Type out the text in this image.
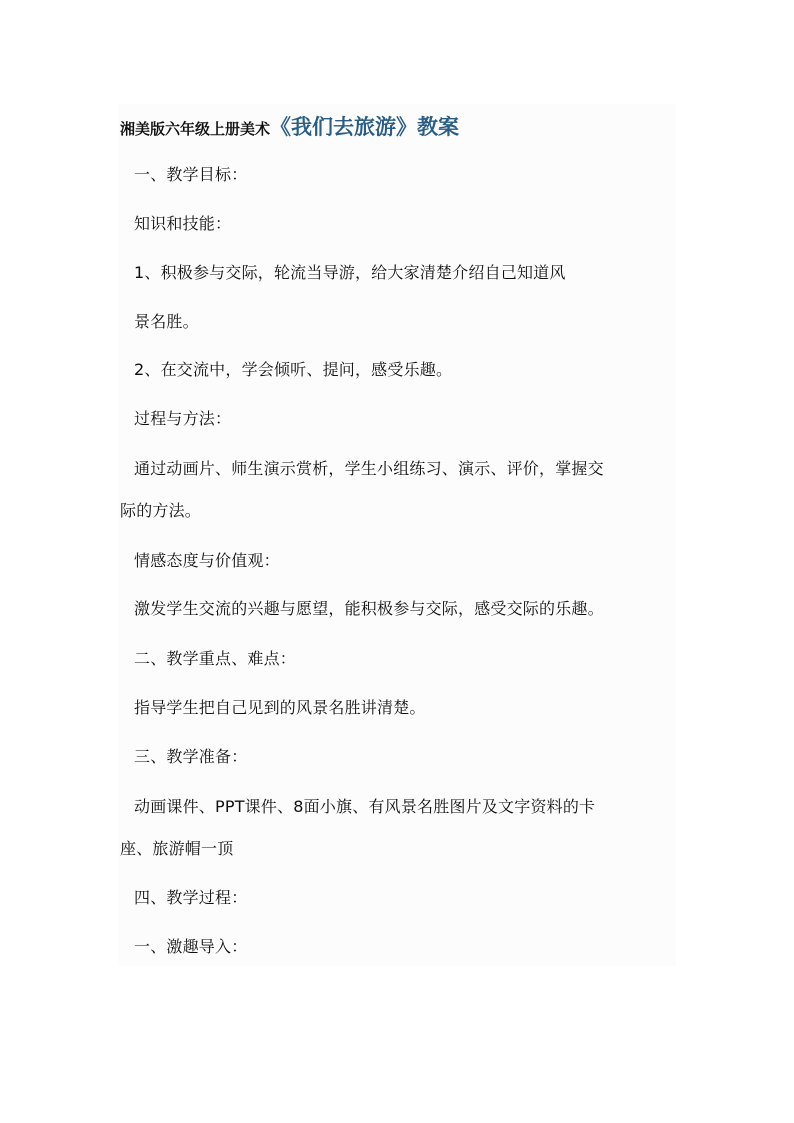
湘美版六年级上册美术《我们去旅游》教案
一、教学目标：
知识和技能：
1、积极参与交际，轮流当导游，给大家清楚介绍自己知道风
景名胜。
2、在交流中，学会倾听、提问，感受乐趣。
过程与方法：
通过动画片、师生演示赏析，学生小组练习、演示、评价，掌握交
际的方法。
情感态度与价值观：
激发学生交流的兴趣与愿望，能积极参与交际，感受交际的乐趣。
二、教学重点、难点：
指导学生把自己见到的风景名胜讲清楚。
三、教学准备：
动画课件、PPT课件、8面小旗、有风景名胜图片及文字资料的卡
座、旅游帽一顶
四、教学过程：
一、激趣导入：
